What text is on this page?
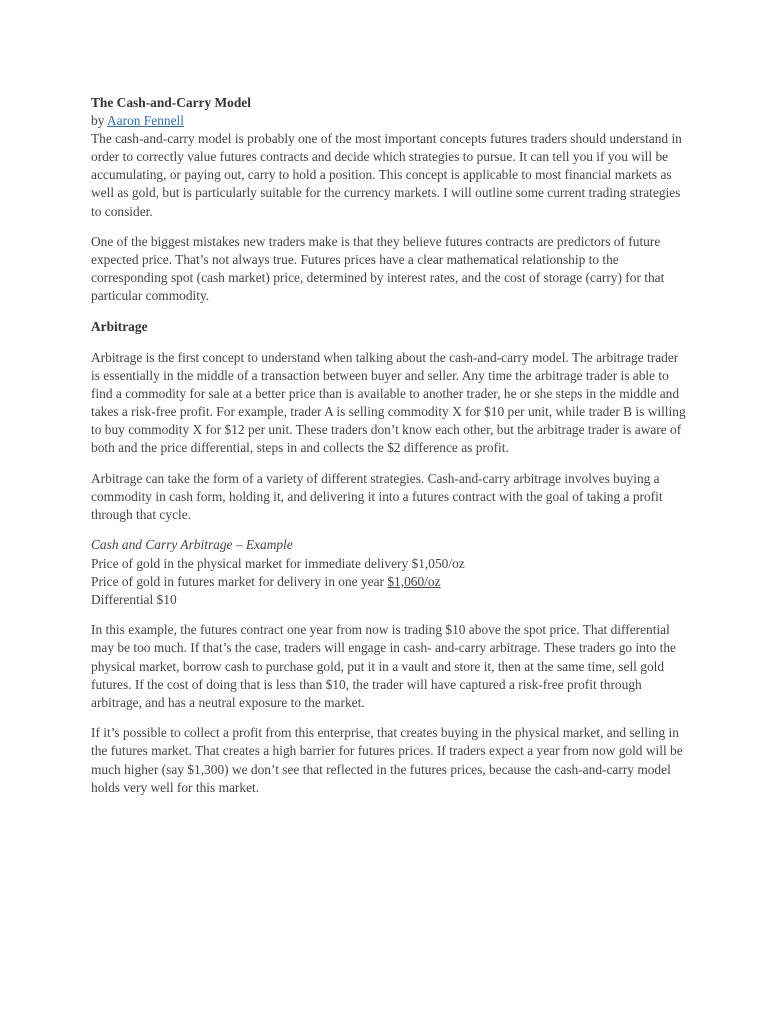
The Cash-and-Carry Model
by Aaron Fennell

The cash-and-carry model is probably one of the most important concepts futures traders should understand in order to correctly value futures contracts and decide which strategies to pursue. It can tell you if you will be accumulating, or paying out, carry to hold a position. This concept is applicable to most financial markets as well as gold, but is particularly suitable for the currency markets. I will outline some current trading strategies to consider.

One of the biggest mistakes new traders make is that they believe futures contracts are predictors of future expected price. That’s not always true. Futures prices have a clear mathematical relationship to the corresponding spot (cash market) price, determined by interest rates, and the cost of storage (carry) for that particular commodity.

Arbitrage

Arbitrage is the first concept to understand when talking about the cash-and-carry model. The arbitrage trader is essentially in the middle of a transaction between buyer and seller. Any time the arbitrage trader is able to find a commodity for sale at a better price than is available to another trader, he or she steps in the middle and takes a risk-free profit. For example, trader A is selling commodity X for $10 per unit, while trader B is willing to buy commodity X for $12 per unit. These traders don’t know each other, but the arbitrage trader is aware of both and the price differential, steps in and collects the $2 difference as profit.

Arbitrage can take the form of a variety of different strategies. Cash-and-carry arbitrage involves buying a commodity in cash form, holding it, and delivering it into a futures contract with the goal of taking a profit through that cycle.

Cash and Carry Arbitrage – Example
Price of gold in the physical market for immediate delivery $1,050/oz
Price of gold in futures market for delivery in one year $1,060/oz
Differential $10

In this example, the futures contract one year from now is trading $10 above the spot price. That differential may be too much. If that’s the case, traders will engage in cash- and-carry arbitrage. These traders go into the physical market, borrow cash to purchase gold, put it in a vault and store it, then at the same time, sell gold futures. If the cost of doing that is less than $10, the trader will have captured a risk-free profit through arbitrage, and has a neutral exposure to the market.

If it’s possible to collect a profit from this enterprise, that creates buying in the physical market, and selling in the futures market. That creates a high barrier for futures prices. If traders expect a year from now gold will be much higher (say $1,300) we don’t see that reflected in the futures prices, because the cash-and-carry model holds very well for this market.
